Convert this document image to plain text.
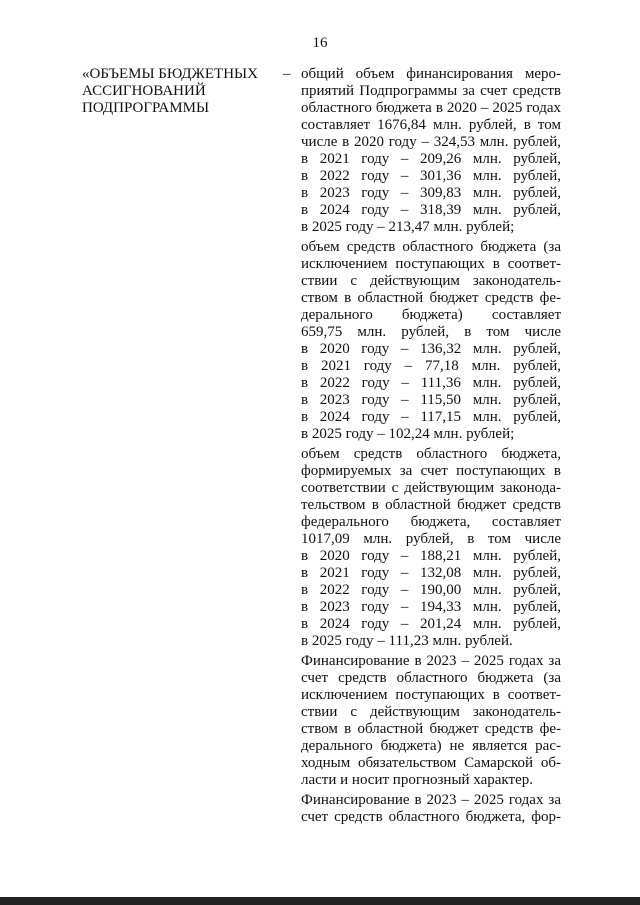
16
«ОБЪЕМЫ БЮДЖЕТНЫХ
АССИГНОВАНИЙ
ПОДПРОГРАММЫ
– общий объем финансирования меро-
приятий Подпрограммы за счет средств
областного бюджета в 2020 – 2025 годах
составляет 1676,84 млн. рублей, в том
числе в 2020 году – 324,53 млн. рублей,
в 2021 году – 209,26 млн. рублей,
в 2022 году – 301,36 млн. рублей,
в 2023 году – 309,83 млн. рублей,
в 2024 году – 318,39 млн. рублей,
в 2025 году – 213,47 млн. рублей;
объем средств областного бюджета (за
исключением поступающих в соответ-
ствии с действующим законодатель-
ством в областной бюджет средств фе-
дерального бюджета) составляет
659,75 млн. рублей, в том числе
в 2020 году – 136,32 млн. рублей,
в 2021 году – 77,18 млн. рублей,
в 2022 году – 111,36 млн. рублей,
в 2023 году – 115,50 млн. рублей,
в 2024 году – 117,15 млн. рублей,
в 2025 году – 102,24 млн. рублей;
объем средств областного бюджета,
формируемых за счет поступающих в
соответствии с действующим законода-
тельством в областной бюджет средств
федерального бюджета, составляет
1017,09 млн. рублей, в том числе
в 2020 году – 188,21 млн. рублей,
в 2021 году – 132,08 млн. рублей,
в 2022 году – 190,00 млн. рублей,
в 2023 году – 194,33 млн. рублей,
в 2024 году – 201,24 млн. рублей,
в 2025 году – 111,23 млн. рублей.
Финансирование в 2023 – 2025 годах за
счет средств областного бюджета (за
исключением поступающих в соответ-
ствии с действующим законодатель-
ством в областной бюджет средств фе-
дерального бюджета) не является рас-
ходным обязательством Самарской об-
ласти и носит прогнозный характер.
Финансирование в 2023 – 2025 годах за
счет средств областного бюджета, фор-
